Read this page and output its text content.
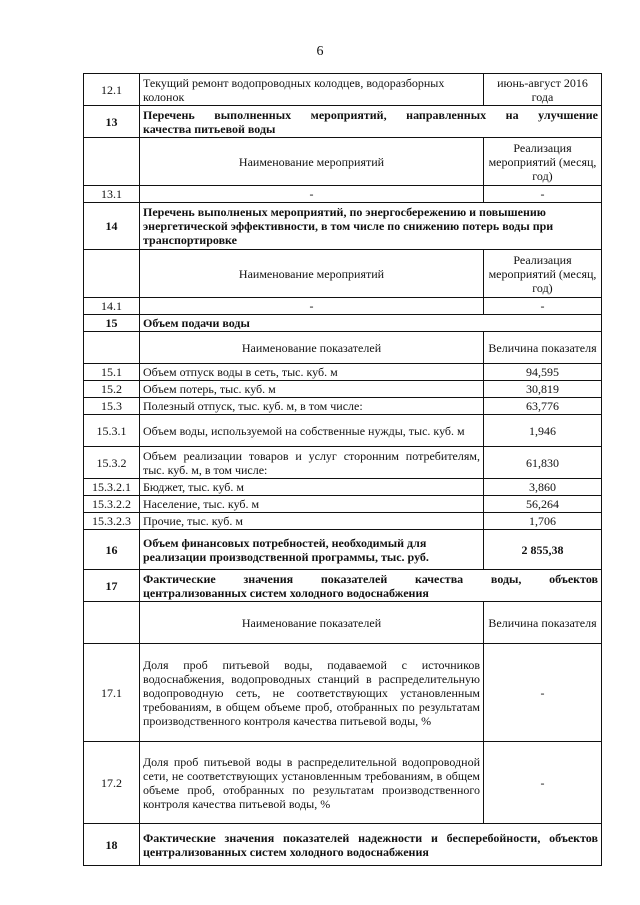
6
12.1	Текущий ремонт водопроводных колодцев, водоразборных колонок	июнь-август 2016 года
13	Перечень выполненных мероприятий, направленных на улучшение
качества питьевой воды	

	Наименование мероприятий	Реализация мероприятий (месяц, год)
13.1	-	-
14	Перечень выполненых мероприятий, по энергосбережению и повышению энергетической эффективности, в том числе по снижению потерь воды при транспортировке	
	Наименование мероприятий	Реализация мероприятий (месяц, год)
14.1	-	-
15	Объем подачи воды	
	Наименование показателей	Величина показателя
15.1	Объем отпуск воды в сеть, тыс. куб. м	94,595
15.2	Объем потерь, тыс. куб. м	30,819
15.3	Полезный отпуск, тыс. куб. м, в том числе:	63,776
15.3.1	Объем воды, используемой на собственные нужды, тыс. куб. м	1,946
15.3.2	Объем реализации товаров и услуг сторонним потребителям, тыс. куб. м, в том числе:	61,830
15.3.2.1	Бюджет, тыс. куб. м	3,860
15.3.2.2	Население, тыс. куб. м	56,264
15.3.2.3	Прочие, тыс. куб. м	1,706
16	Объем финансовых потребностей, необходимый для реализации производственной программы, тыс. руб.	2 855,38
17	Фактические значения показателей качества воды, объектов
централизованных систем холодного водоснабжения	

	Наименование показателей	Величина показателя
17.1	Доля проб питьевой воды, подаваемой с источников водоснабжения, водопроводных станций в распределительную водопроводную сеть, не соответствующих установленным требованиям, в общем объеме проб, отобранных по результатам производственного контроля качества питьевой воды, %	-
17.2	Доля проб питьевой воды в распределительной водопроводной сети, не соответствующих установленным требованиям, в общем объеме проб, отобранных по результатам производственного контроля качества питьевой воды, %	-
18	Фактические значения показателей надежности и бесперебойности, объектов централизованных систем холодного водоснабжения	
